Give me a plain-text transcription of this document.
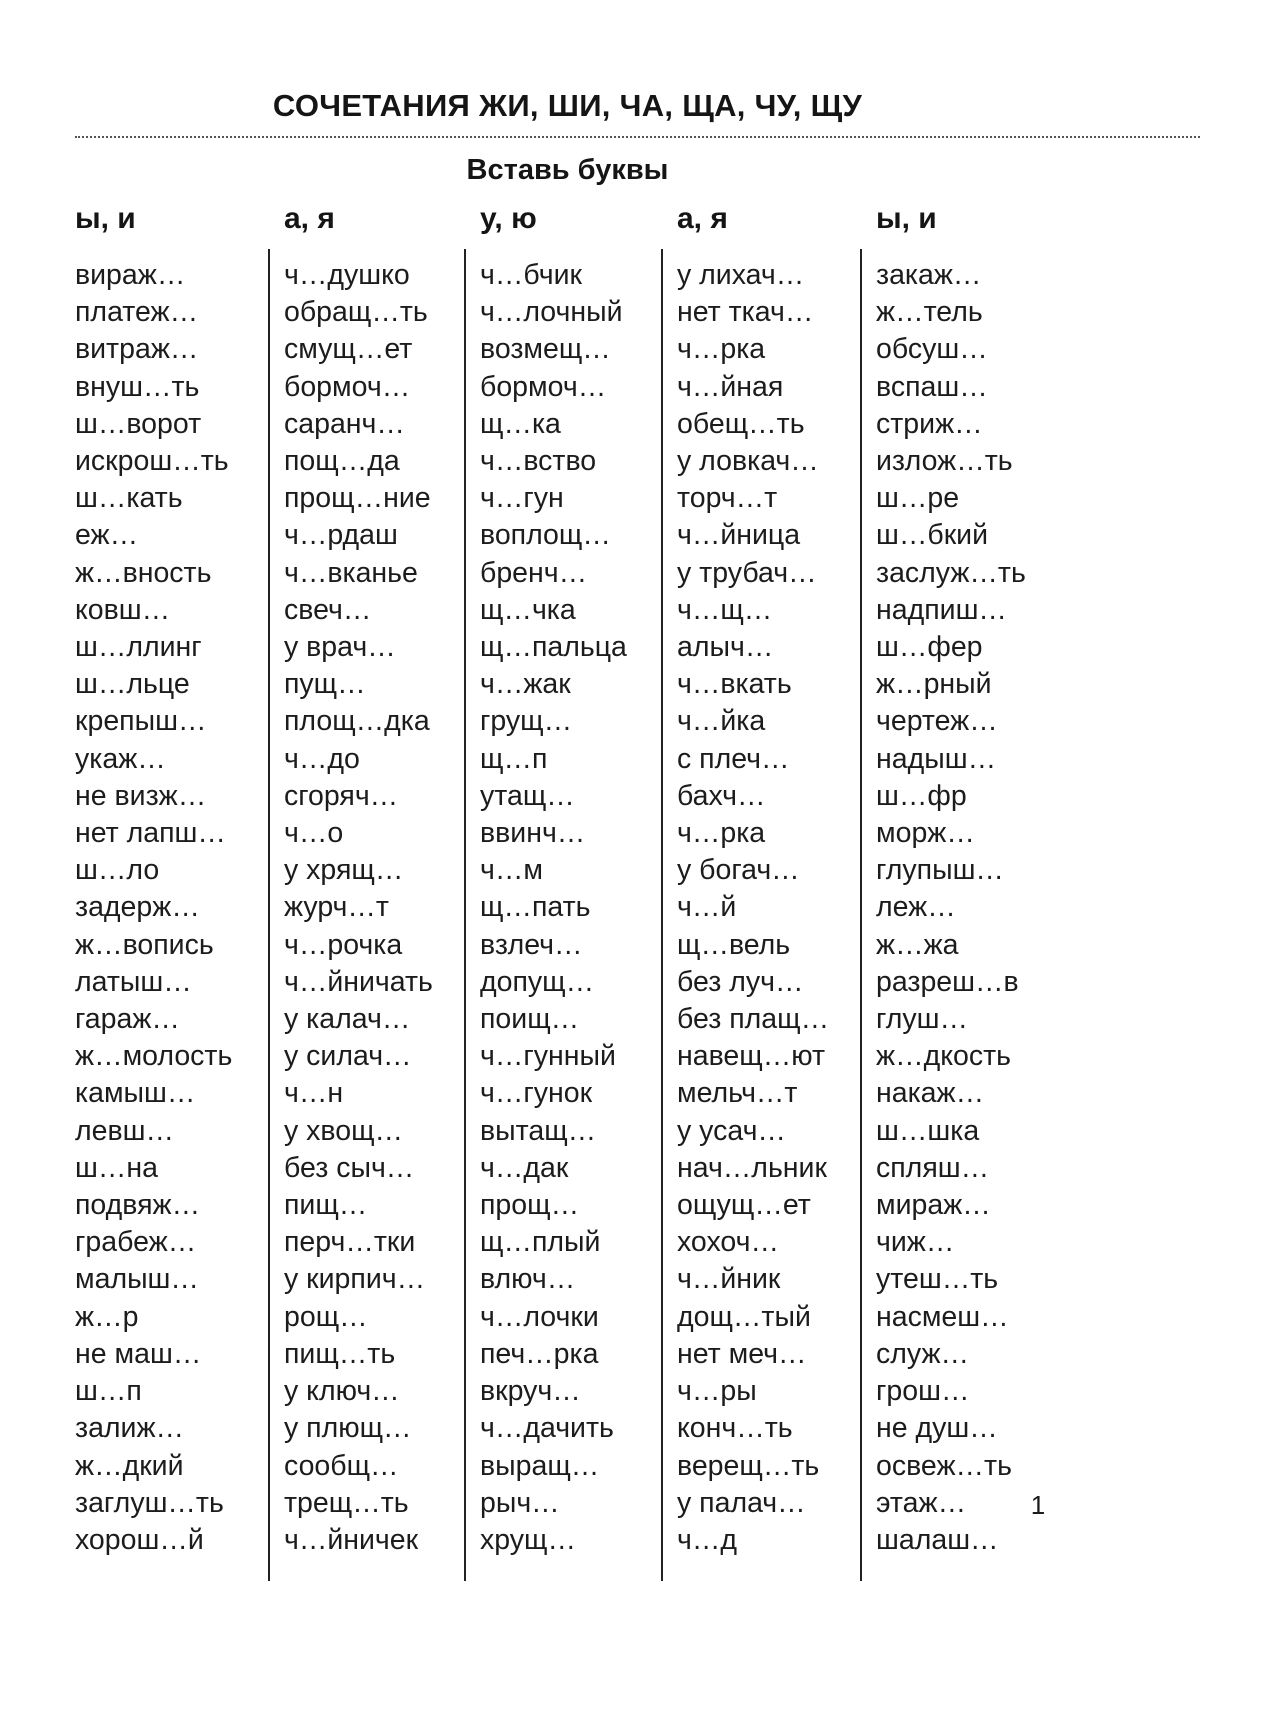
СОЧЕТАНИЯ ЖИ, ШИ, ЧА, ЩА, ЧУ, ЩУ
Вставь буквы
ы, и
вираж…
платеж…
витраж…
внуш…ть
ш…ворот
искрош…ть
ш…кать
еж…
ж…вность
ковш…
ш…ллинг
ш…льце
крепыш…
укаж…
не визж…
нет лапш…
ш…ло
задерж…
ж…вопись
латыш…
гараж…
ж…молость
камыш…
левш…
ш…на
подвяж…
грабеж…
малыш…
ж…р
не маш…
ш…п
залиж…
ж…дкий
заглуш…ть
хорош…й
а, я
ч…душко
обращ…ть
смущ…ет
бормоч…
саранч…
пощ…да
прощ…ние
ч…рдаш
ч…вканье
свеч…
у врач…
пущ…
площ…дка
ч…до
сгоряч…
ч…о
у хрящ…
журч…т
ч…рочка
ч…йничать
у калач…
у силач…
ч…н
у хвощ…
без сыч…
пищ…
перч…тки
у кирпич…
рощ…
пищ…ть
у ключ…
у плющ…
сообщ…
трещ…ть
ч…йничек
у, ю
ч…бчик
ч…лочный
возмещ…
бормоч…
щ…ка
ч…вство
ч…гун
воплощ…
бренч…
щ…чка
щ…пальца
ч…жак
грущ…
щ…п
утащ…
ввинч…
ч…м
щ…пать
взлеч…
допущ…
поищ…
ч…гунный
ч…гунок
вытащ…
ч…дак
прощ…
щ…плый
влюч…
ч…лочки
печ…рка
вкруч…
ч…дачить
выращ…
рыч…
хрущ…
а, я
у лихач…
нет ткач…
ч…рка
ч…йная
обещ…ть
у ловкач…
торч…т
ч…йница
у трубач…
ч…щ…
алыч…
ч…вкать
ч…йка
с плеч…
бахч…
ч…рка
у богач…
ч…й
щ…вель
без луч…
без плащ…
навещ…ют
мельч…т
у усач…
нач…льник
ощущ…ет
хохоч…
ч…йник
дощ…тый
нет меч…
ч…ры
конч…ть
верещ…ть
у палач…
ч…д
ы, и
закаж…
ж…тель
обсуш…
вспаш…
стриж…
излож…ть
ш…ре
ш…бкий
заслуж…ть
надпиш…
ш…фер
ж…рный
чертеж…
надыш…
ш…фр
морж…
глупыш…
леж…
ж…жа
разреш…в
глуш…
ж…дкость
накаж…
ш…шка
спляш…
мираж…
чиж…
утеш…ть
насмеш…
служ…
грош…
не душ…
освеж…ть
этаж…
шалаш…
1
